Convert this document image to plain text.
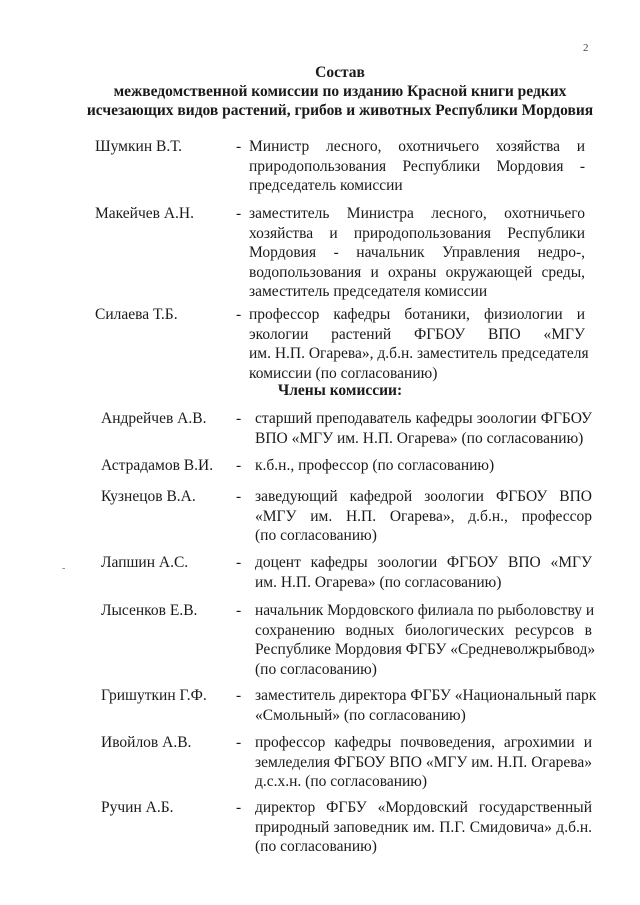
2
Состав
межведомственной комиссии по изданию Красной книги редких
исчезающих видов растений, грибов и животных Республики Мордовия
Члены комиссии:
-
Шумкин В.Т.	- Министр лесного, охотничьего хозяйства и
природопользования Республики Мордовия -
председатель комиссии
Макейчев А.Н.	- заместитель Министра лесного, охотничьего
хозяйства и природопользования Республики
Мордовия - начальник Управления недро-,
водопользования и охраны окружающей среды,
заместитель председателя комиссии
Силаева Т.Б.	- профессор кафедры ботаники, физиологии и
экологии растений ФГБОУ ВПО «МГУ
им. Н.П. Огарева», д.б.н. заместитель председателя
комиссии (по согласованию)
Андрейчев А.В. - старший преподаватель кафедры зоологии ФГБОУ
ВПО «МГУ им. Н.П. Огарева» (по согласованию)
Астрадамов В.И. - к.б.н., профессор (по согласованию)
Кузнецов В.А.	- заведующий кафедрой зоологии ФГБОУ ВПО
«МГУ им. Н.П. Огарева», д.б.н., профессор
(по согласованию)
Лапшин А.С.	- доцент кафедры зоологии ФГБОУ ВПО «МГУ
им. Н.П. Огарева» (по согласованию)
Лысенков Е.В. - начальник Мордовского филиала по рыболовству и
сохранению водных биологических ресурсов в
Республике Мордовия ФГБУ «Средневолжрыбвод»
(по согласованию)
Гришуткин Г.Ф. - заместитель директора ФГБУ «Национальный парк
«Смольный» (по согласованию)
Ивойлов А.В.	- профессор кафедры почвоведения, агрохимии и
земледелия ФГБОУ ВПО «МГУ им. Н.П. Огарева»
д.с.х.н. (по согласованию)
Ручин А.Б.	- директор ФГБУ «Мордовский государственный
природный заповедник им. П.Г. Смидовича» д.б.н.
(по согласованию)
